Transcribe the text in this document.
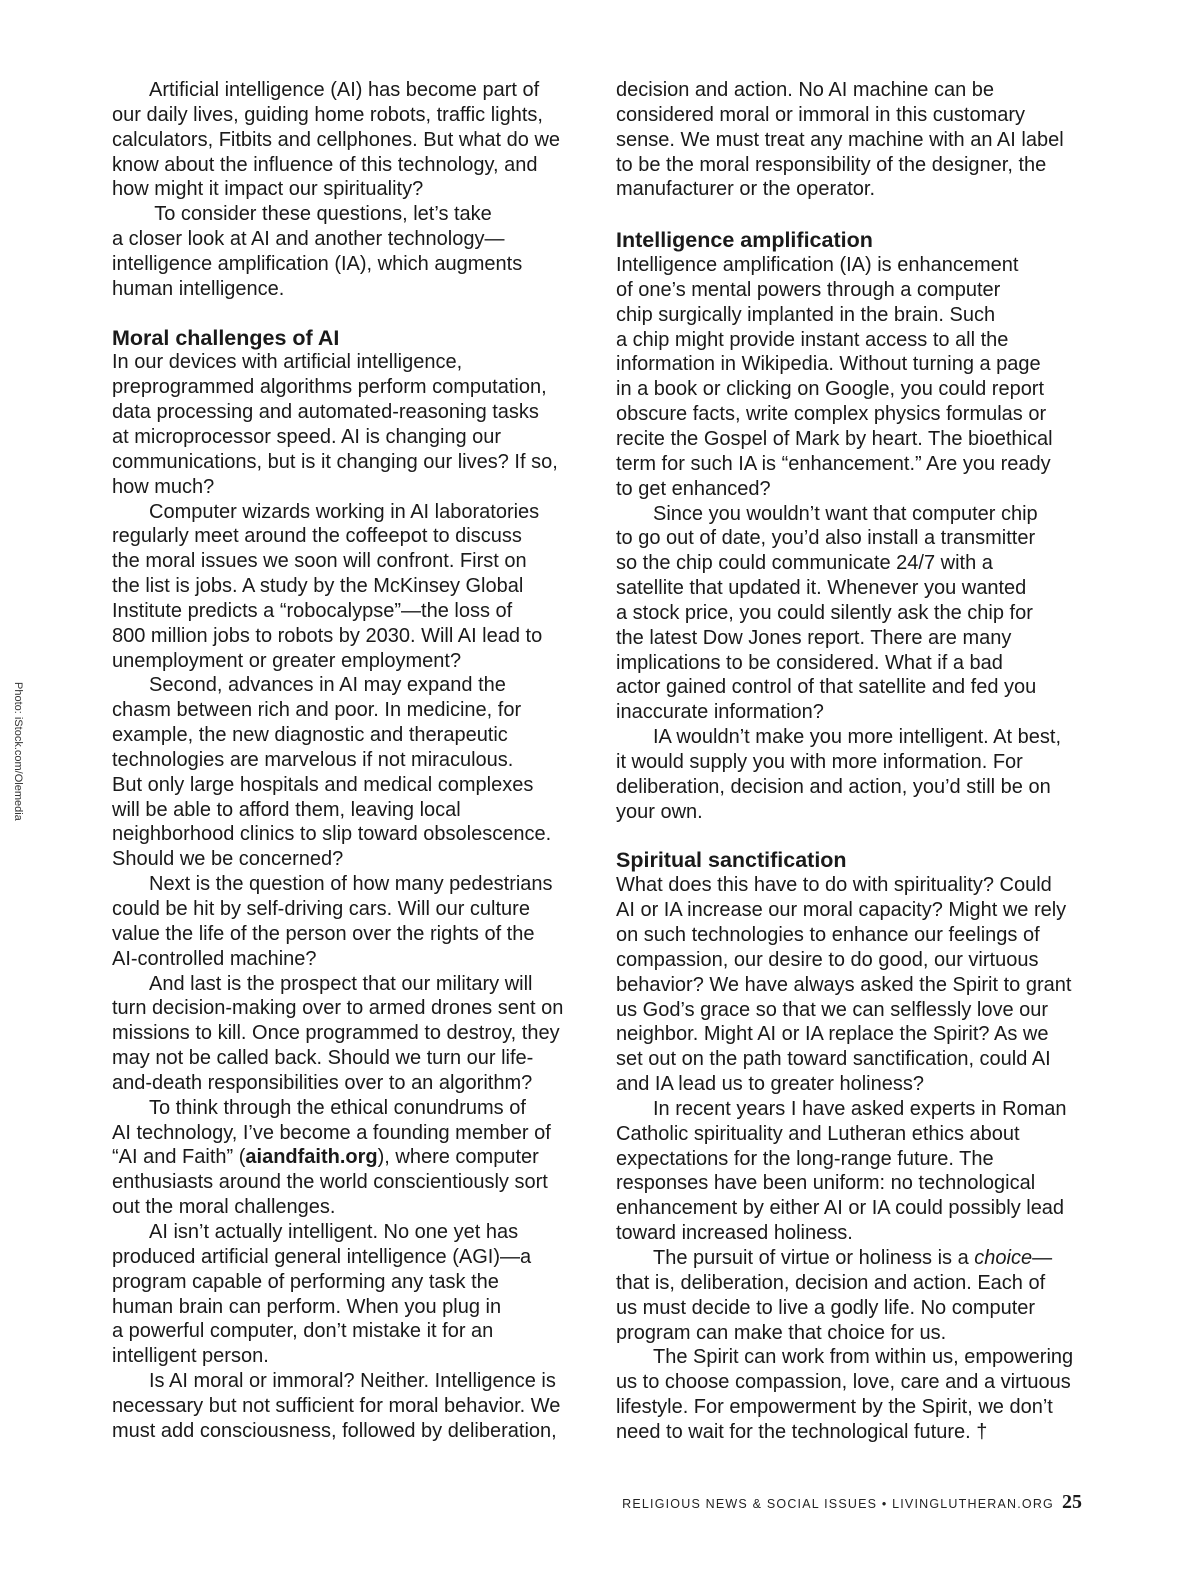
Photo: iStock.com/Olemedia
Artificial intelligence (AI) has become part of
our daily lives, guiding home robots, traffic lights,
calculators, Fitbits and cellphones. But what do we
know about the influence of this technology, and
how might it impact our spirituality?
To consider these questions, let’s take
a closer look at AI and another technology—
intelligence amplification (IA), which augments
human intelligence.
Moral challenges of AI
In our devices with artificial intelligence,
preprogrammed algorithms perform computation,
data processing and automated-reasoning tasks
at microprocessor speed. AI is changing our
communications, but is it changing our lives? If so,
how much?
Computer wizards working in AI laboratories
regularly meet around the coffeepot to discuss
the moral issues we soon will confront. First on
the list is jobs. A study by the McKinsey Global
Institute predicts a “robocalypse”—the loss of
800 million jobs to robots by 2030. Will AI lead to
unemployment or greater employment?
Second, advances in AI may expand the
chasm between rich and poor. In medicine, for
example, the new diagnostic and therapeutic
technologies are marvelous if not miraculous.
But only large hospitals and medical complexes
will be able to afford them, leaving local
neighborhood clinics to slip toward obsolescence.
Should we be concerned?
Next is the question of how many pedestrians
could be hit by self-driving cars. Will our culture
value the life of the person over the rights of the
AI-controlled machine?
And last is the prospect that our military will
turn decision-making over to armed drones sent on
missions to kill. Once programmed to destroy, they
may not be called back. Should we turn our life-
and-death responsibilities over to an algorithm?
To think through the ethical conundrums of
AI technology, I’ve become a founding member of
“AI and Faith” (aiandfaith.org), where computer
enthusiasts around the world conscientiously sort
out the moral challenges.
AI isn’t actually intelligent. No one yet has
produced artificial general intelligence (AGI)—a
program capable of performing any task the
human brain can perform. When you plug in
a powerful computer, don’t mistake it for an
intelligent person.
Is AI moral or immoral? Neither. Intelligence is
necessary but not sufficient for moral behavior. We
must add consciousness, followed by deliberation,
decision and action. No AI machine can be
considered moral or immoral in this customary
sense. We must treat any machine with an AI label
to be the moral responsibility of the designer, the
manufacturer or the operator.
Intelligence amplification
Intelligence amplification (IA) is enhancement
of one’s mental powers through a computer
chip surgically implanted in the brain. Such
a chip might provide instant access to all the
information in Wikipedia. Without turning a page
in a book or clicking on Google, you could report
obscure facts, write complex physics formulas or
recite the Gospel of Mark by heart. The bioethical
term for such IA is “enhancement.” Are you ready
to get enhanced?
Since you wouldn’t want that computer chip
to go out of date, you’d also install a transmitter
so the chip could communicate 24/7 with a
satellite that updated it. Whenever you wanted
a stock price, you could silently ask the chip for
the latest Dow Jones report. There are many
implications to be considered. What if a bad
actor gained control of that satellite and fed you
inaccurate information?
IA wouldn’t make you more intelligent. At best,
it would supply you with more information. For
deliberation, decision and action, you’d still be on
your own.
Spiritual sanctification
What does this have to do with spirituality? Could
AI or IA increase our moral capacity? Might we rely
on such technologies to enhance our feelings of
compassion, our desire to do good, our virtuous
behavior? We have always asked the Spirit to grant
us God’s grace so that we can selflessly love our
neighbor. Might AI or IA replace the Spirit? As we
set out on the path toward sanctification, could AI
and IA lead us to greater holiness?
In recent years I have asked experts in Roman
Catholic spirituality and Lutheran ethics about
expectations for the long-range future. The
responses have been uniform: no technological
enhancement by either AI or IA could possibly lead
toward increased holiness.
The pursuit of virtue or holiness is a choice—
that is, deliberation, decision and action. Each of
us must decide to live a godly life. No computer
program can make that choice for us.
The Spirit can work from within us, empowering
us to choose compassion, love, care and a virtuous
lifestyle. For empowerment by the Spirit, we don’t
need to wait for the technological future. †
RELIGIOUS NEWS & SOCIAL ISSUES • LIVINGLUTHERAN.ORG 25
